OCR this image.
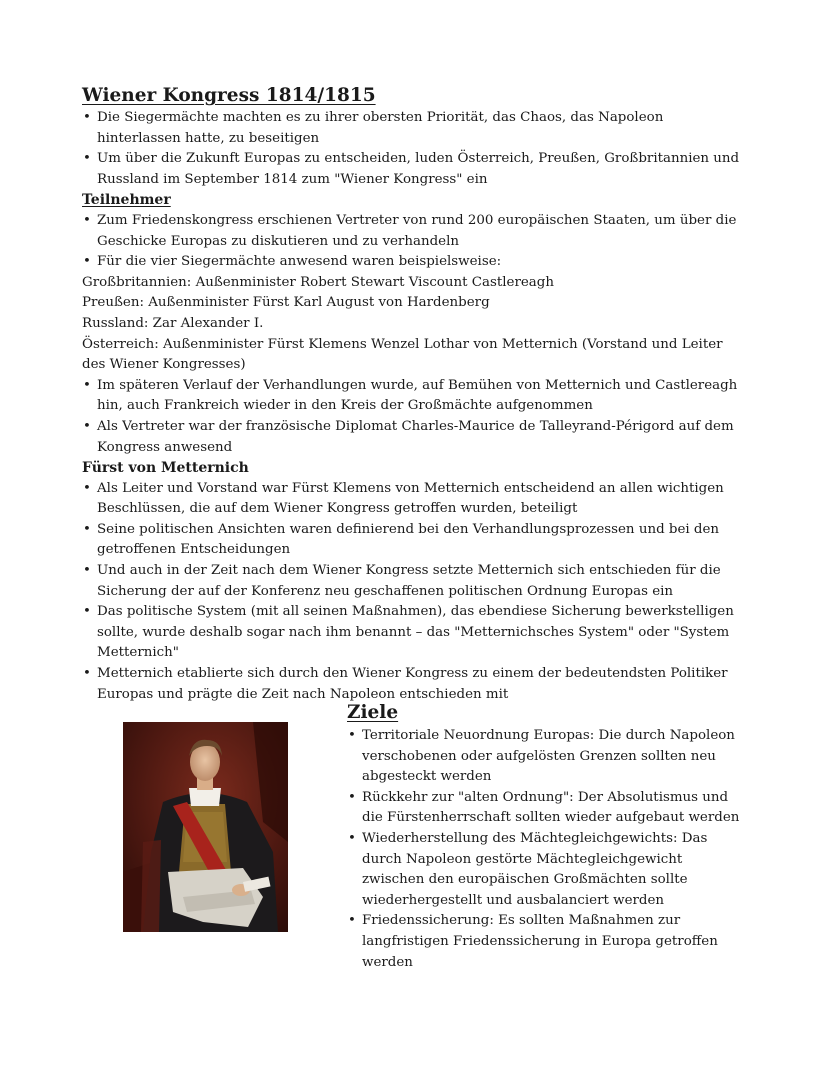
Wiener Kongress 1814/1815
• Die Siegermächte machten es zu ihrer obersten Priorität, das Chaos, das Napoleon hinterlassen hatte, zu beseitigen
• Um über die Zukunft Europas zu entscheiden, luden Österreich, Preußen, Großbritannien und Russland im September 1814 zum "Wiener Kongress" ein
Teilnehmer
• Zum Friedenskongress erschienen Vertreter von rund 200 europäischen Staaten, um über die Geschicke Europas zu diskutieren und zu verhandeln
• Für die vier Siegermächte anwesend waren beispielsweise:

Großbritannien: Außenminister Robert Stewart Viscount Castlereagh

Preußen: Außenminister Fürst Karl August von Hardenberg

Russland: Zar Alexander I.

Österreich: Außenminister Fürst Klemens Wenzel Lothar von Metternich (Vorstand und Leiter des Wiener Kongresses)

• Im späteren Verlauf der Verhandlungen wurde, auf Bemühen von Metternich und Castlereagh hin, auch Frankreich wieder in den Kreis der Großmächte aufgenommen
• Als Vertreter war der französische Diplomat Charles-Maurice de Talleyrand-Périgord auf dem Kongress anwesend
Fürst von Metternich
• Als Leiter und Vorstand war Fürst Klemens von Metternich entscheidend an allen wichtigen Beschlüssen, die auf dem Wiener Kongress getroffen wurden, beteiligt
• Seine politischen Ansichten waren definierend bei den Verhandlungsprozessen und bei den getroffenen Entscheidungen
• Und auch in der Zeit nach dem Wiener Kongress setzte Metternich sich entschieden für die Sicherung der auf der Konferenz neu geschaffenen politischen Ordnung Europas ein
• Das politische System (mit all seinen Maßnahmen), das ebendiese Sicherung bewerkstelligen sollte, wurde deshalb sogar nach ihm benannt – das "Metternichsches System" oder "System Metternich"
• Metternich etablierte sich durch den Wiener Kongress zu einem der bedeutendsten Politiker Europas und prägte die Zeit nach Napoleon entschieden mit
Ziele
• Territoriale Neuordnung Europas: Die durch Napoleon verschobenen oder aufgelösten Grenzen sollten neu abgesteckt werden
• Rückkehr zur "alten Ordnung": Der Absolutismus und die Fürstenherrschaft sollten wieder aufgebaut werden
• Wiederherstellung des Mächtegleichgewichts: Das durch Napoleon gestörte Mächtegleichgewicht zwischen den europäischen Großmächten sollte wiederhergestellt und ausbalanciert werden
• Friedenssicherung: Es sollten Maßnahmen zur langfristigen Friedenssicherung in Europa getroffen werden
